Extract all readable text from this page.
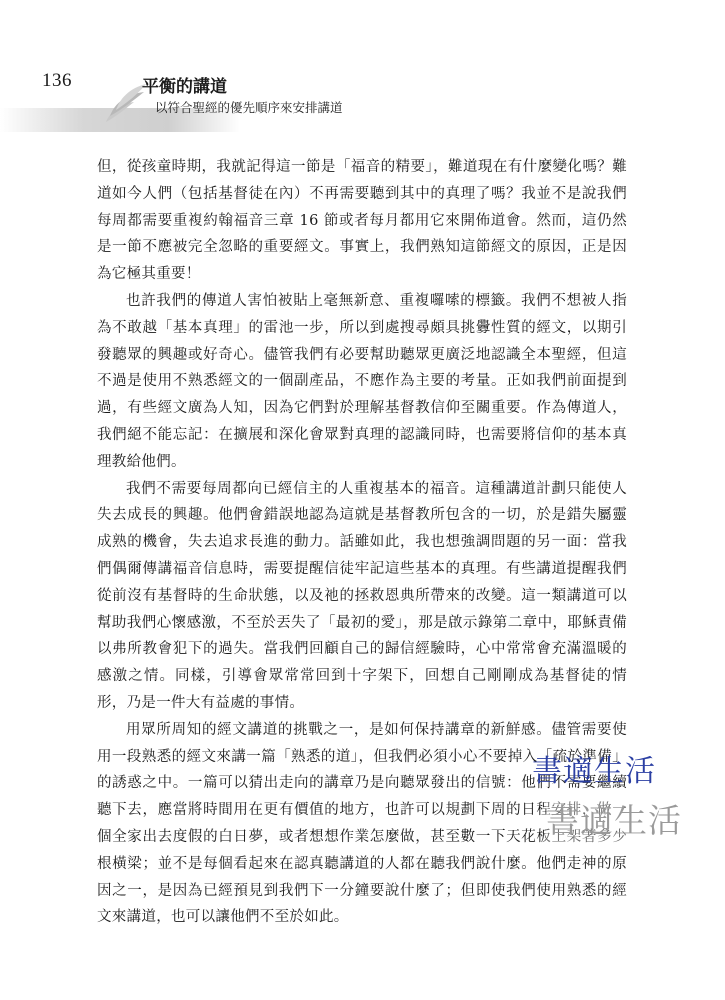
136	平衡的講道
以符合聖經的優先順序來安排講道

但，從孩童時期，我就記得這一節是「福音的精要」，難道現在有什麼變化嗎？難道如今人們（包括基督徒在內）不再需要聽到其中的真理了嗎？我並不是說我們每周都需要重複約翰福音三章 16 節或者每月都用它來開佈道會。然而，這仍然是一節不應被完全忽略的重要經文。事實上，我們熟知這節經文的原因，正是因為它極其重要！

也許我們的傳道人害怕被貼上毫無新意、重複囉嗦的標籤。我們不想被人指為不敢越「基本真理」的雷池一步，所以到處搜尋頗具挑釁性質的經文，以期引發聽眾的興趣或好奇心。儘管我們有必要幫助聽眾更廣泛地認識全本聖經，但這不過是使用不熟悉經文的一個副產品，不應作為主要的考量。正如我們前面提到過，有些經文廣為人知，因為它們對於理解基督教信仰至關重要。作為傳道人，我們絕不能忘記：在擴展和深化會眾對真理的認識同時，也需要將信仰的基本真理教給他們。

我們不需要每周都向已經信主的人重複基本的福音。這種講道計劃只能使人失去成長的興趣。他們會錯誤地認為這就是基督教所包含的一切，於是錯失屬靈成熟的機會，失去追求長進的動力。話雖如此，我也想強調問題的另一面：當我們偶爾傳講福音信息時，需要提醒信徒牢記這些基本的真理。有些講道提醒我們從前沒有基督時的生命狀態，以及祂的拯救恩典所帶來的改變。這一類講道可以幫助我們心懷感激，不至於丟失了「最初的愛」，那是啟示錄第二章中，耶穌責備以弗所教會犯下的過失。當我們回顧自己的歸信經驗時，心中常常會充滿溫暖的感激之情。同樣，引導會眾常常回到十字架下，回想自己剛剛成為基督徒的情形，乃是一件大有益處的事情。

用眾所周知的經文講道的挑戰之一，是如何保持講章的新鮮感。儘管需要使用一段熟悉的經文來講一篇「熟悉的道」，但我們必須小心不要掉入「疏於準備」的誘惑之中。一篇可以猜出走向的講章乃是向聽眾發出的信號：他們不需要繼續聽下去，應當將時間用在更有價值的地方，也許可以規劃下周的日程安排，做一個全家出去度假的白日夢，或者想想作業怎麼做，甚至數一下天花板上架著多少根橫梁；並不是每個看起來在認真聽講道的人都在聽我們說什麼。他們走神的原因之一，是因為已經預見到我們下一分鐘要說什麼了；但即使我們使用熟悉的經文來講道，也可以讓他們不至於如此。

書適生活
書適生活
